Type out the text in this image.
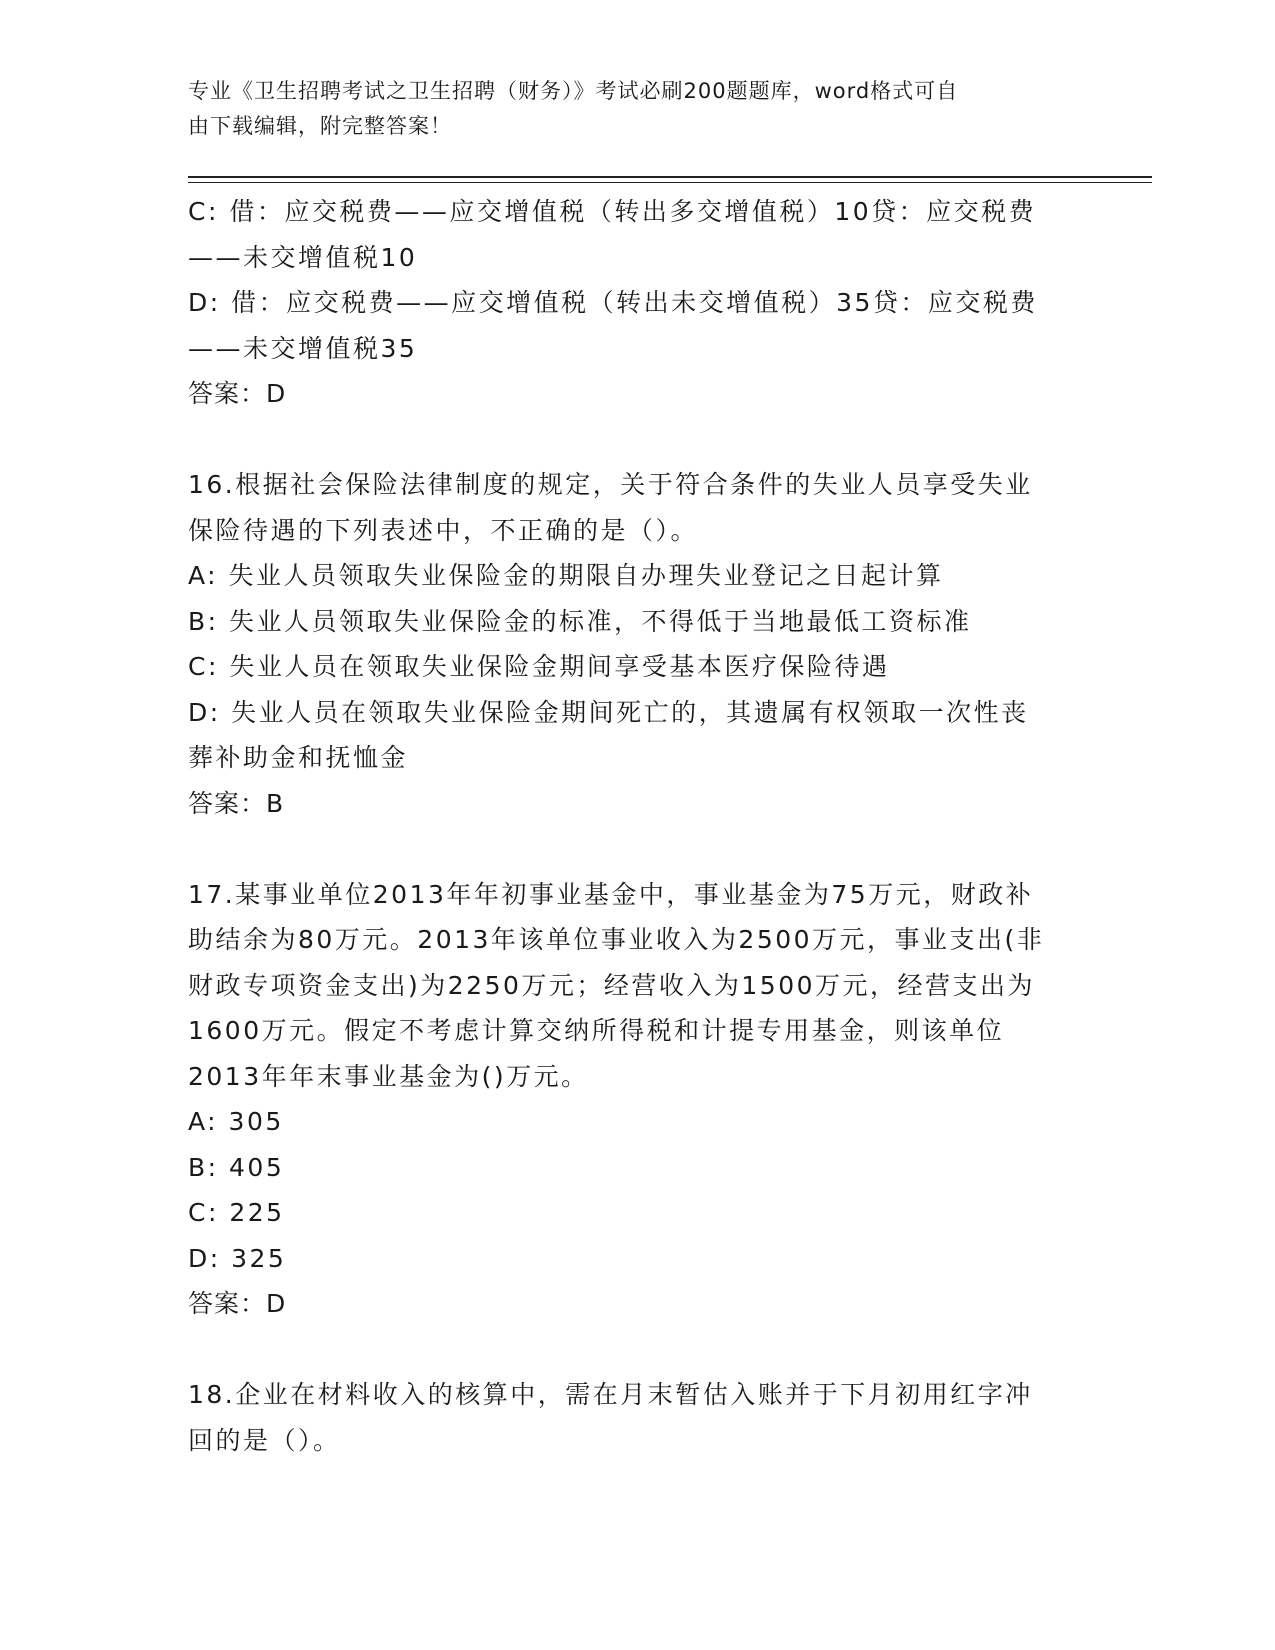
专业《卫生招聘考试之卫生招聘（财务）》考试必刷200题题库，word格式可自
由下载编辑，附完整答案！
C: 借：应交税费——应交增值税（转出多交增值税）10贷：应交税费
——未交增值税10
D: 借：应交税费——应交增值税（转出未交增值税）35贷：应交税费
——未交增值税35
答案：D
16.根据社会保险法律制度的规定，关于符合条件的失业人员享受失业
保险待遇的下列表述中，不正确的是（）。
A: 失业人员领取失业保险金的期限自办理失业登记之日起计算
B: 失业人员领取失业保险金的标准，不得低于当地最低工资标准
C: 失业人员在领取失业保险金期间享受基本医疗保险待遇
D: 失业人员在领取失业保险金期间死亡的，其遗属有权领取一次性丧
葬补助金和抚恤金
答案：B
17.某事业单位2013年年初事业基金中，事业基金为75万元，财政补
助结余为80万元。2013年该单位事业收入为2500万元，事业支出(非
财政专项资金支出)为2250万元；经营收入为1500万元，经营支出为
1600万元。假定不考虑计算交纳所得税和计提专用基金，则该单位
2013年年末事业基金为()万元。
A: 305
B: 405
C: 225
D: 325
答案：D
18.企业在材料收入的核算中，需在月末暂估入账并于下月初用红字冲
回的是（）。
